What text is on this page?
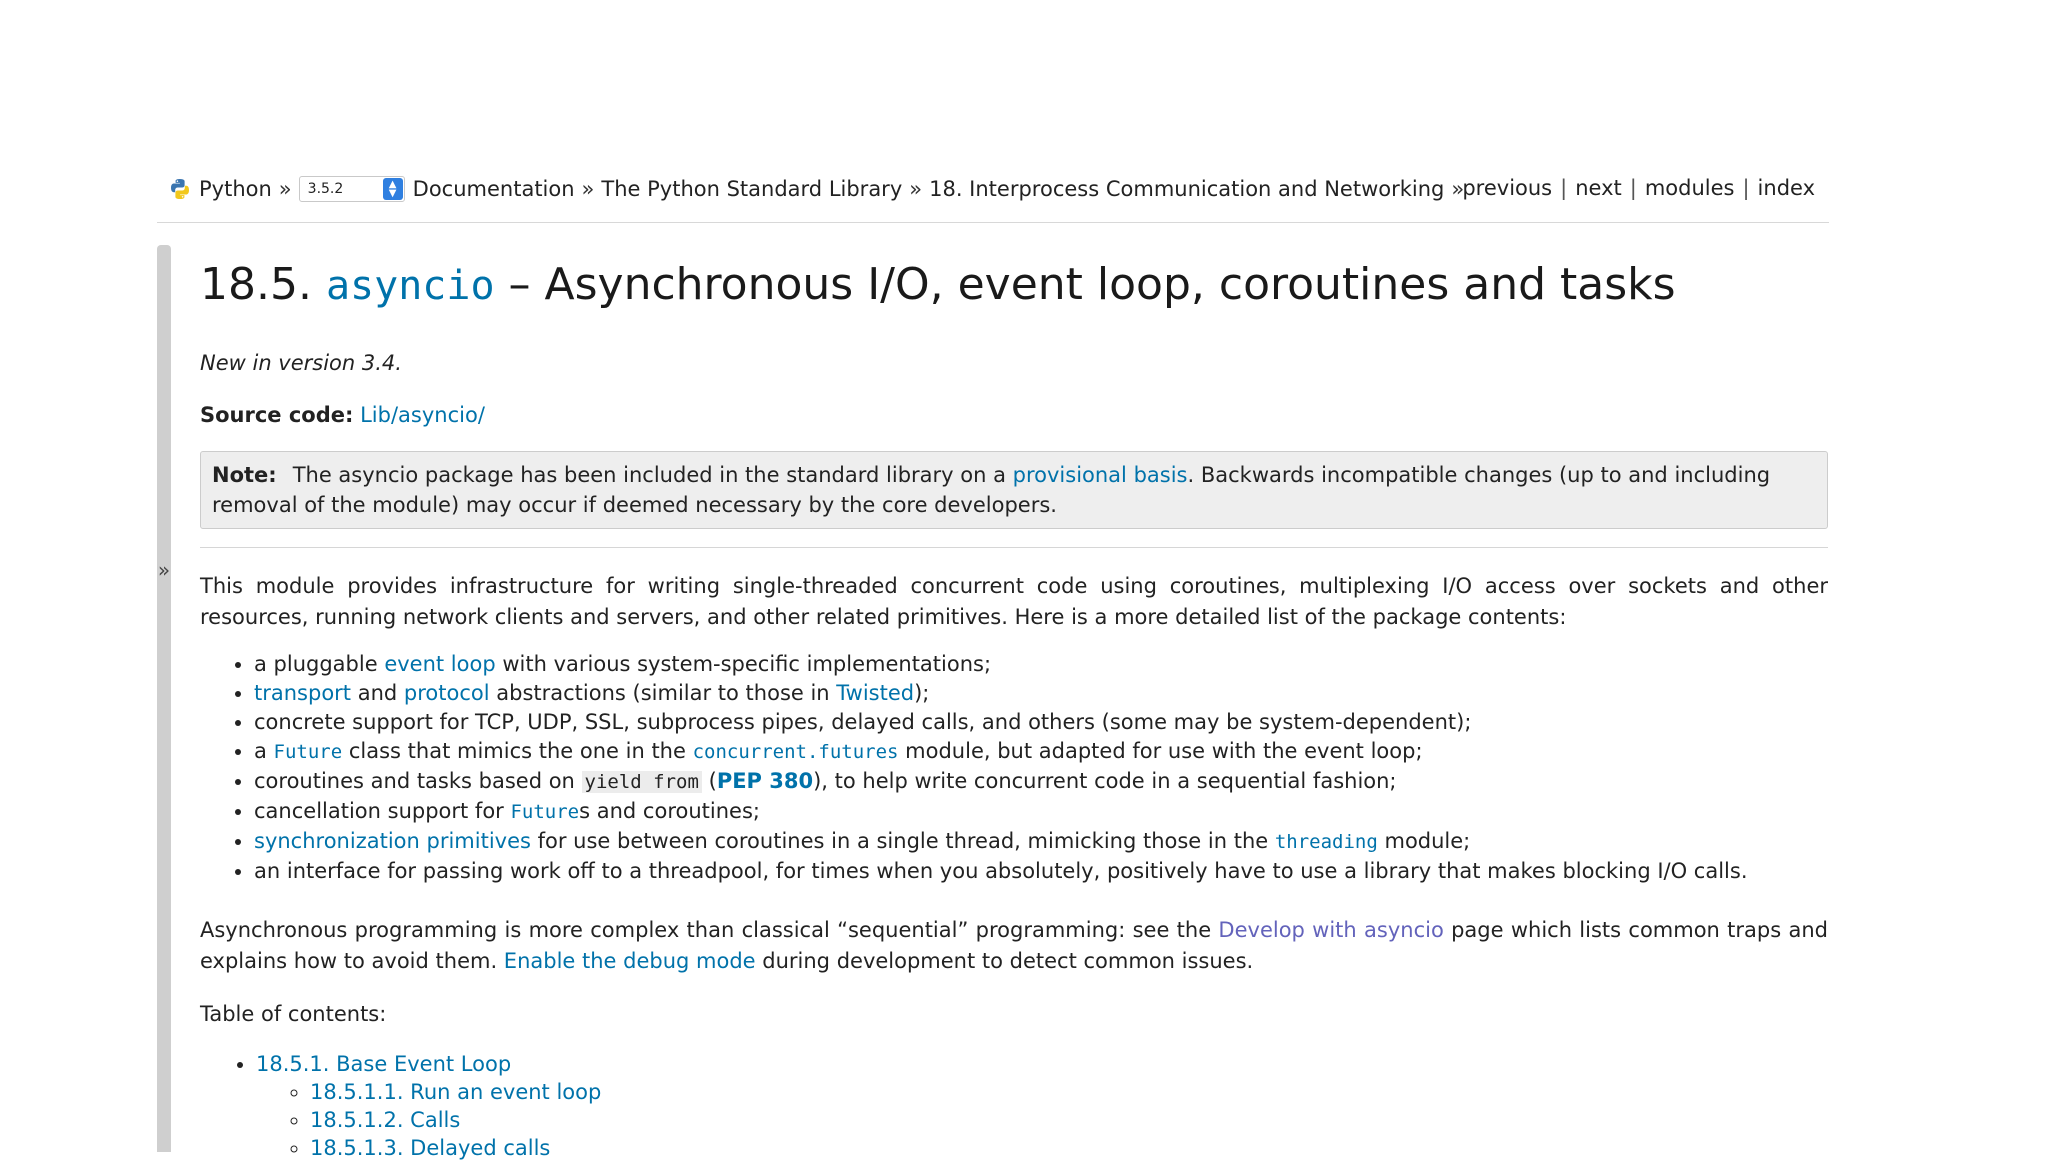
Python » 3.5.2	▲
▼ Documentation » The Python Standard Library » 18. Interprocess Communication and Networking »
previous | next | modules | index
»
18.5. asyncio – Asynchronous I/O, event loop, coroutines and tasks

New in version 3.4.

Source code: Lib/asyncio/

Note: The asyncio package has been included in the standard library on a provisional basis. Backwards incompatible changes (up to and including removal of the module) may occur if deemed necessary by the core developers.

This module provides infrastructure for writing single-threaded concurrent code using coroutines, multiplexing I/O access over sockets and other resources, running network clients and servers, and other related primitives. Here is a more detailed list of the package contents:

• a pluggable event loop with various system-specific implementations;
• transport and protocol abstractions (similar to those in Twisted);
• concrete support for TCP, UDP, SSL, subprocess pipes, delayed calls, and others (some may be system-dependent);
• a Future class that mimics the one in the concurrent.futures module, but adapted for use with the event loop;
• coroutines and tasks based on yield from (PEP 380), to help write concurrent code in a sequential fashion;
• cancellation support for Futures and coroutines;
• synchronization primitives for use between coroutines in a single thread, mimicking those in the threading module;
• an interface for passing work off to a threadpool, for times when you absolutely, positively have to use a library that makes blocking I/O calls.

Asynchronous programming is more complex than classical “sequential” programming: see the Develop with asyncio page which lists common traps and explains how to avoid them. Enable the debug mode during development to detect common issues.

Table of contents:

• 18.5.1. Base Event Loop
◦ 18.5.1.1. Run an event loop
◦ 18.5.1.2. Calls
◦ 18.5.1.3. Delayed calls
